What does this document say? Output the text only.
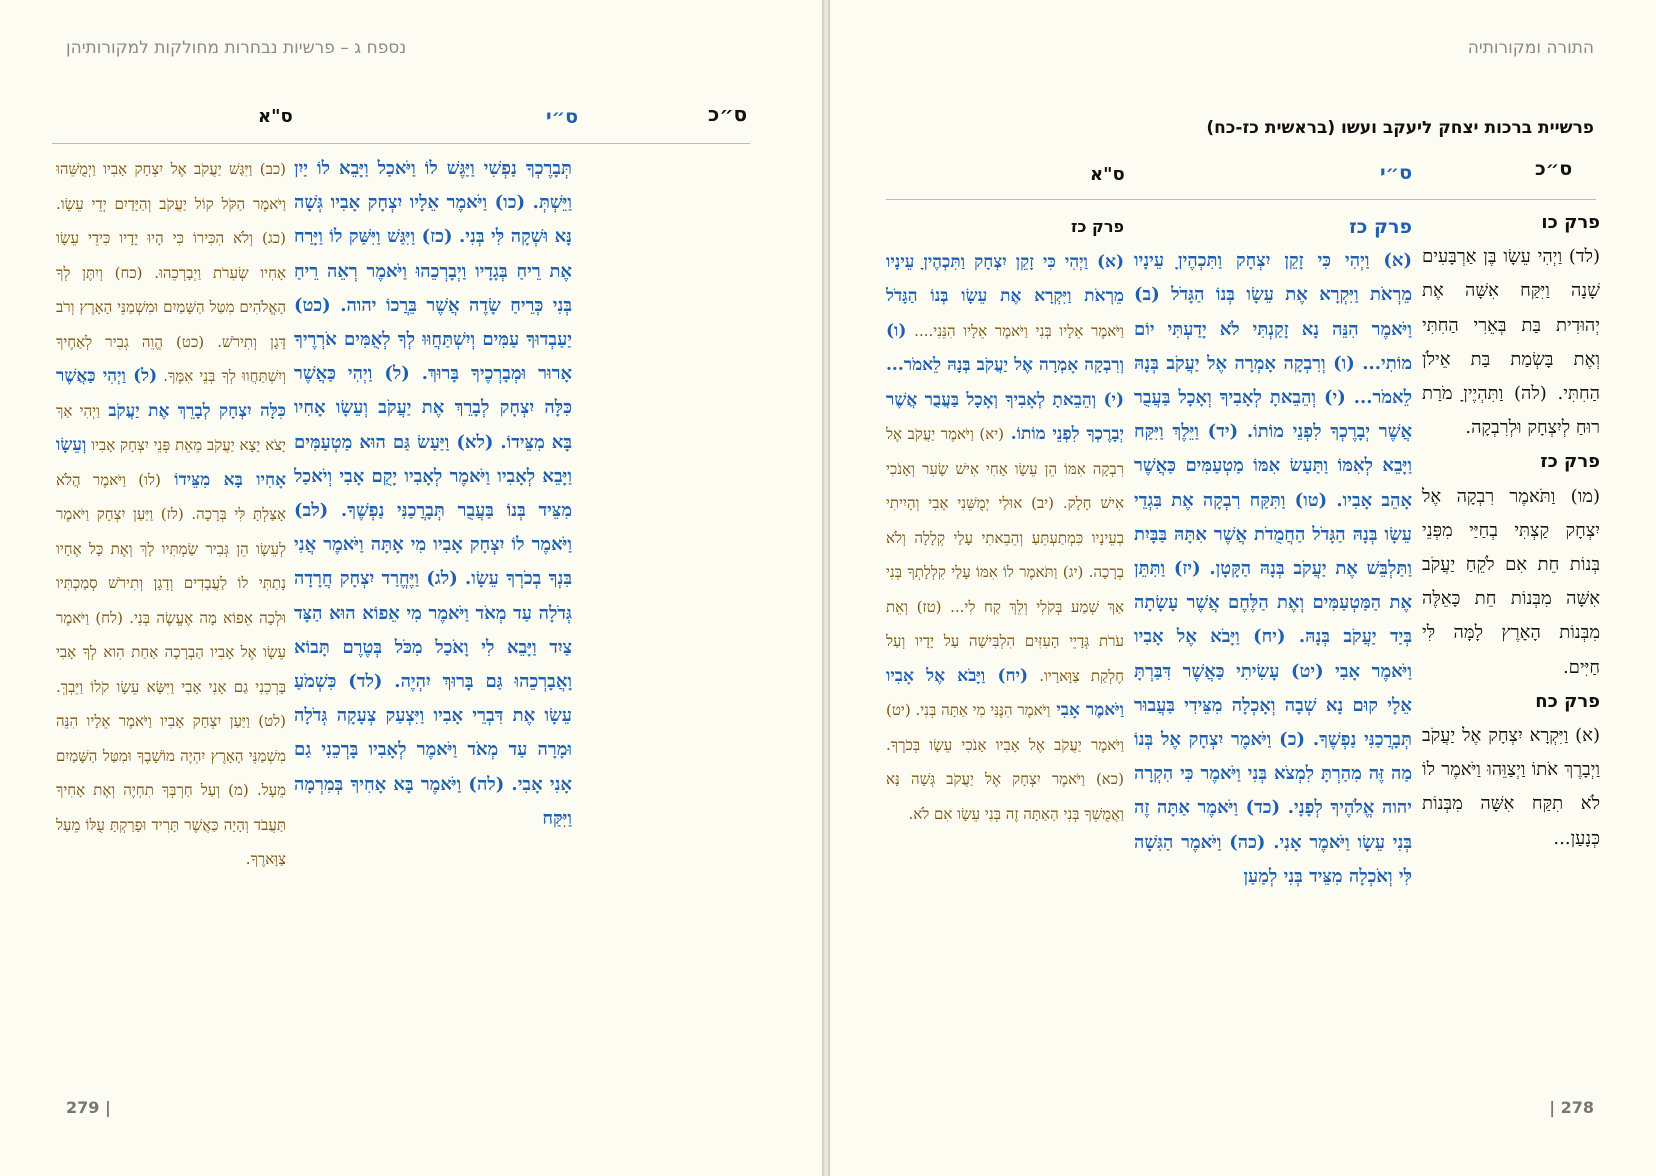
נספח ג – פרשיות נבחרות מחולקות למקורותיהן
ס״כ
ס״י
ס"א
תְּבָרֶכְךָ נַפְשִׁי וַיַּגֶּשׁ לוֹ וַיֹּאכַל וַיָּבֵא לוֹ יַיִן וַיֵּשְׁתְּ. (כו) וַיֹּאמֶר אֵלָיו יִצְחָק אָבִיו גְּשָׁה נָּא וּשְׁקָה לִּי בְּנִי. (כז) וַיִּגַּשׁ וַיִּשַּׁק לוֹ וַיָּרַח אֶת רֵיחַ בְּגָדָיו וַיְבָרְכֵהוּ וַיֹּאמֶר רְאֵה רֵיחַ בְּנִי כְּרֵיחַ שָׂדֶה אֲשֶׁר בֵּרֲכוֹ יהוה. (כט) יַעַבְדוּךָ עַמִּים וְיִשְׁתַּחֲוּוּ לְךָ לְאֻמִּים אֹרְרֶיךָ אָרוּר וּמְבָרְכֶיךָ בָּרוּךְ. (ל) וַיְהִי כַּאֲשֶׁר כִּלָּה יִצְחָק לְבָרֵךְ אֶת יַעֲקֹב וְעֵשָׂו אָחִיו בָּא מִצֵּידוֹ. (לא) וַיַּעַשׂ גַּם הוּא מַטְעַמִּים וַיָּבֵא לְאָבִיו וַיֹּאמֶר לְאָבִיו יָקֻם אָבִי וְיֹאכַל מִצֵּיד בְּנוֹ בַּעֲבֻר תְּבָרֲכַנִּי נַפְשֶׁךָ. (לב) וַיֹּאמֶר לוֹ יִצְחָק אָבִיו מִי אָתָּה וַיֹּאמֶר אֲנִי בִּנְךָ בְכֹרְךָ עֵשָׂו. (לג) וַיֶּחֱרַד יִצְחָק חֲרָדָה גְּדֹלָה עַד מְאֹד וַיֹּאמֶר מִי אֵפוֹא הוּא הַצָּד צַיִד וַיָּבֵא לִי וָאֹכַל מִכֹּל בְּטֶרֶם תָּבוֹא וָאֲבָרְכֵהוּ גַּם בָּרוּךְ יִהְיֶה. (לד) כִּשְׁמֹעַ עֵשָׂו אֶת דִּבְרֵי אָבִיו וַיִּצְעַק צְעָקָה גְּדֹלָה וּמָרָה עַד מְאֹד וַיֹּאמֶר לְאָבִיו בָּרְכֵנִי גַם אָנִי אָבִי. (לה) וַיֹּאמֶר בָּא אָחִיךָ בְּמִרְמָה וַיִּקַּח
(כב) וַיִּגַּשׁ יַעֲקֹב אֶל יִצְחָק אָבִיו וַיְמֻשֵּׁהוּ וַיֹּאמֶר הַקֹּל קוֹל יַעֲקֹב וְהַיָּדַיִם יְדֵי עֵשָׂו. (כג) וְלֹא הִכִּירוֹ כִּי הָיוּ יָדָיו כִּידֵי עֵשָׂו אָחִיו שְׂעִרֹת וַיְבָרְכֵהוּ. (כח) וְיִתֶּן לְךָ הָאֱלֹהִים מִטַּל הַשָּׁמַיִם וּמִשְׁמַנֵּי הָאָרֶץ וְרֹב דָּגָן וְתִירֹשׁ. (כט) הֱוֵה גְבִיר לְאַחֶיךָ וְיִשְׁתַּחֲווּ לְךָ בְּנֵי אִמֶּךָ. (ל) וַיְהִי כַּאֲשֶׁר כִּלָּה יִצְחָק לְבָרֵךְ אֶת יַעֲקֹב וַיְהִי אַךְ יָצֹא יָצָא יַעֲקֹב מֵאֵת פְּנֵי יִצְחָק אָבִיו וְעֵשָׂו אָחִיו בָּא מִצֵּידוֹ (לו) וַיֹּאמֶר הֲלֹא אָצַלְתָּ לִּי בְּרָכָה. (לז) וַיַּעַן יִצְחָק וַיֹּאמֶר לְעֵשָׂו הֵן גְּבִיר שַׂמְתִּיו לָךְ וְאֶת כָּל אֶחָיו נָתַתִּי לוֹ לַעֲבָדִים וְדָגָן וְתִירֹשׁ סְמַכְתִּיו וּלְכָה אֵפוֹא מָה אֶעֱשֶׂה בְּנִי. (לח) וַיֹּאמֶר עֵשָׂו אֶל אָבִיו הַבְרָכָה אַחַת הִוא לְךָ אָבִי בָּרְכֵנִי גַם אָנִי אָבִי וַיִּשָּׂא עֵשָׂו קֹלוֹ וַיֵּבְךְּ. (לט) וַיַּעַן יִצְחָק אָבִיו וַיֹּאמֶר אֵלָיו הִנֵּה מִשְׁמַנֵּי הָאָרֶץ יִהְיֶה מוֹשָׁבֶךָ וּמִטַּל הַשָּׁמַיִם מֵעָל. (מ) וְעַל חַרְבְּךָ תִחְיֶה וְאֶת אָחִיךָ תַּעֲבֹד וְהָיָה כַּאֲשֶׁר תָּרִיד וּפָרַקְתָּ עֻלּוֹ מֵעַל צַוָּארֶךָ.
279 |
התורה ומקורותיה
פרשיית ברכות יצחק ליעקב ועשו (בראשית כז-כח)
ס״כ
ס״י
ס"א

פרק כו

(לד) וַיְהִי עֵשָׂו בֶּן אַרְבָּעִים שָׁנָה וַיִּקַּח אִשָּׁה אֶת יְהוּדִית בַּת בְּאֵרִי הַחִתִּי וְאֶת בָּשְׂמַת בַּת אֵילֹן הַחִתִּי. (לה) וַתִּהְיֶיןָ מֹרַת רוּחַ לְיִצְחָק וּלְרִבְקָה.

פרק כז

(מו) וַתֹּאמֶר רִבְקָה אֶל יִצְחָק קַצְתִּי בְחַיַּי מִפְּנֵי בְּנוֹת חֵת אִם לֹקֵחַ יַעֲקֹב אִשָּׁה מִבְּנוֹת חֵת כָּאֵלֶּה מִבְּנוֹת הָאָרֶץ לָמָּה לִּי חַיִּים.

פרק כח

(א) וַיִּקְרָא יִצְחָק אֶל יַעֲקֹב וַיְבָרֶךְ אֹתוֹ וַיְצַוֵּהוּ וַיֹּאמֶר לוֹ לֹא תִקַּח אִשָּׁה מִבְּנוֹת כְּנָעַן...

פרק כז

(א) וַיְהִי כִּי זָקֵן יִצְחָק וַתִּכְהֶיןָ עֵינָיו מֵרְאֹת וַיִּקְרָא אֶת עֵשָׂו בְּנוֹ הַגָּדֹל (ב) וַיֹּאמֶר הִנֵּה נָא זָקַנְתִּי לֹא יָדַעְתִּי יוֹם מוֹתִי... (ו) וְרִבְקָה אָמְרָה אֶל יַעֲקֹב בְּנָהּ לֵאמֹר... (י) וְהֵבֵאתָ לְאָבִיךָ וְאָכָל בַּעֲבֻר אֲשֶׁר יְבָרֶכְךָ לִפְנֵי מוֹתוֹ. (יד) וַיֵּלֶךְ וַיִּקַּח וַיָּבֵא לְאִמּוֹ וַתַּעַשׂ אִמּוֹ מַטְעַמִּים כַּאֲשֶׁר אָהֵב אָבִיו. (טו) וַתִּקַּח רִבְקָה אֶת בִּגְדֵי עֵשָׂו בְּנָהּ הַגָּדֹל הַחֲמֻדֹת אֲשֶׁר אִתָּהּ בַּבָּיִת וַתַּלְבֵּשׁ אֶת יַעֲקֹב בְּנָהּ הַקָּטָן. (יז) וַתִּתֵּן אֶת הַמַּטְעַמִּים וְאֶת הַלֶּחֶם אֲשֶׁר עָשָׂתָה בְּיַד יַעֲקֹב בְּנָהּ. (יח) וַיָּבֹא אֶל אָבִיו וַיֹּאמֶר אָבִי (יט) עָשִׂיתִי כַּאֲשֶׁר דִּבַּרְתָּ אֵלָי קוּם נָא שְׁבָה וְאָכְלָה מִצֵּידִי בַּעֲבוּר תְּבָרֲכַנִּי נַפְשֶׁךָ. (כ) וַיֹּאמֶר יִצְחָק אֶל בְּנוֹ מַה זֶּה מִהַרְתָּ לִמְצֹא בְּנִי וַיֹּאמֶר כִּי הִקְרָה יהוה אֱלֹהֶיךָ לְפָנָי. (כד) וַיֹּאמֶר אַתָּה זֶה בְּנִי עֵשָׂו וַיֹּאמֶר אָנִי. (כה) וַיֹּאמֶר הַגִּשָׁה לִּי וְאֹכְלָה מִצֵּיד בְּנִי לְמַעַן

פרק כז

(א) וַיְהִי כִּי זָקֵן יִצְחָק וַתִּכְהֶיןָ עֵינָיו מֵרְאֹת וַיִּקְרָא אֶת עֵשָׂו בְּנוֹ הַגָּדֹל וַיֹּאמֶר אֵלָיו בְּנִי וַיֹּאמֶר אֵלָיו הִנֵּנִי.... (ו) וְרִבְקָה אָמְרָה אֶל יַעֲקֹב בְּנָהּ לֵאמֹר... (י) וְהֵבֵאתָ לְאָבִיךָ וְאָכָל בַּעֲבֻר אֲשֶׁר יְבָרֶכְךָ לִפְנֵי מוֹתוֹ. (יא) וַיֹּאמֶר יַעֲקֹב אֶל רִבְקָה אִמּוֹ הֵן עֵשָׂו אָחִי אִישׁ שָׂעִר וְאָנֹכִי אִישׁ חָלָק. (יב) אוּלַי יְמֻשֵּׁנִי אָבִי וְהָיִיתִי בְעֵינָיו כִּמְתַעְתֵּעַ וְהֵבֵאתִי עָלַי קְלָלָה וְלֹא בְרָכָה. (יג) וַתֹּאמֶר לוֹ אִמּוֹ עָלַי קִלְלָתְךָ בְּנִי אַךְ שְׁמַע בְּקֹלִי וְלֵךְ קַח לִי... (טז) וְאֵת עֹרֹת גְּדָיֵי הָעִזִּים הִלְבִּישָׁה עַל יָדָיו וְעַל חֶלְקַת צַוָּארָיו. (יח) וַיָּבֹא אֶל אָבִיו וַיֹּאמֶר אָבִי וַיֹּאמֶר הִנֶּנִּי מִי אַתָּה בְּנִי. (יט) וַיֹּאמֶר יַעֲקֹב אֶל אָבִיו אָנֹכִי עֵשָׂו בְּכֹרֶךָ. (כא) וַיֹּאמֶר יִצְחָק אֶל יַעֲקֹב גְּשָׁה נָּא וַאֲמֻשְׁךָ בְּנִי הַאַתָּה זֶה בְּנִי עֵשָׂו אִם לֹא.

| 278
